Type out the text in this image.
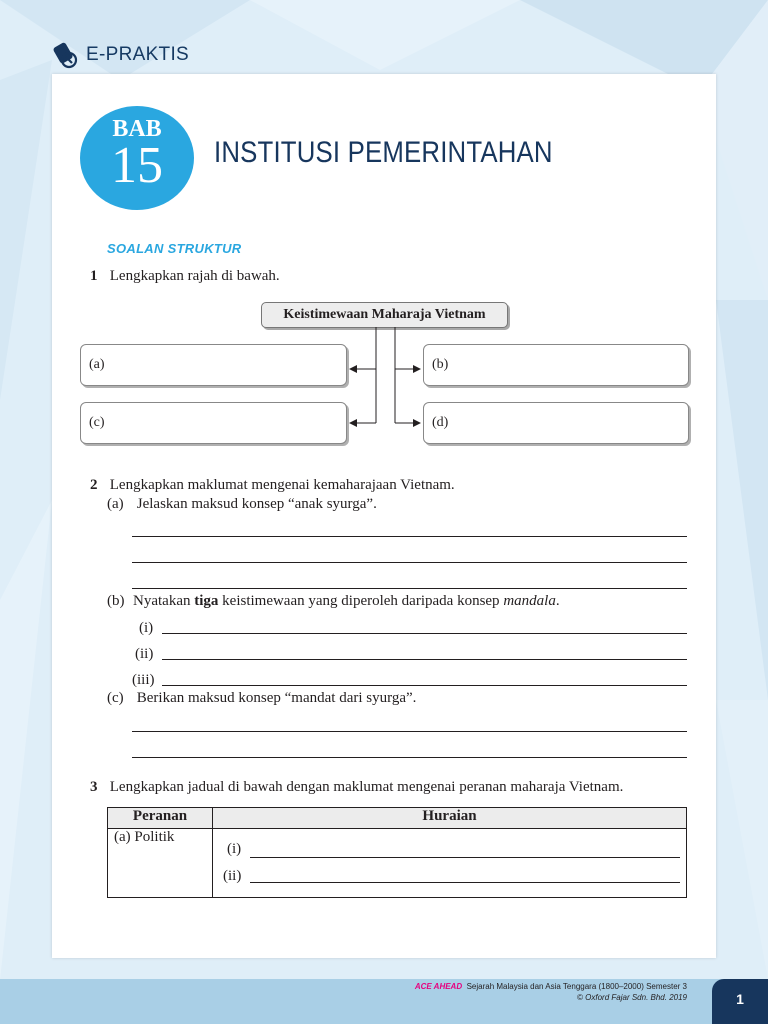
E-PRAKTIS
BAB
15	INSTITUSI PEMERINTAHAN
SOALAN STRUKTUR
1 Lengkapkan rajah di bawah.
Keistimewaan Maharaja Vietnam
(a)	(b)
(c)	(d)
2 Lengkapkan maklumat mengenai kemaharajaan Vietnam.
(a) Jelaskan maksud konsep “anak syurga”.
(b) Nyatakan tiga keistimewaan yang diperoleh daripada konsep mandala.
(i)
(ii)
(iii)
(c) Berikan maksud konsep “mandat dari syurga”.
3 Lengkapkan jadual di bawah dengan maklumat mengenai peranan maharaja Vietnam.
Peranan	Huraian
(a) Politik	(i)
(ii)
ACE AHEAD Sejarah Malaysia dan Asia Tenggara (1800–2000) Semester 3
© Oxford Fajar Sdn. Bhd. 2019	1
